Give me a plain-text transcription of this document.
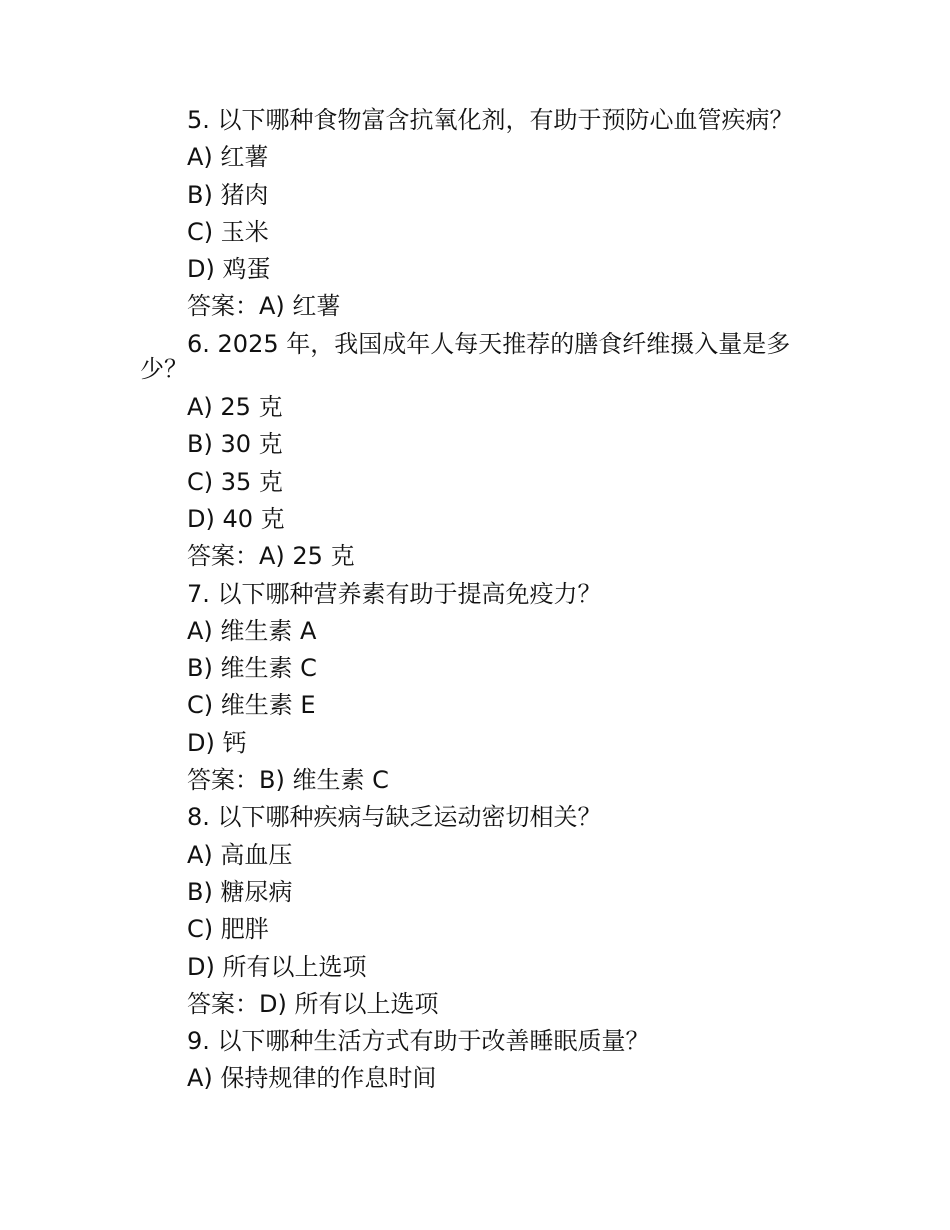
5. 以下哪种食物富含抗氧化剂，有助于预防心血管疾病？
A) 红薯
B) 猪肉
C) 玉米
D) 鸡蛋
答案：A) 红薯
6. 2025 年，我国成年人每天推荐的膳食纤维摄入量是多
少？
A) 25 克
B) 30 克
C) 35 克
D) 40 克
答案：A) 25 克
7. 以下哪种营养素有助于提高免疫力？
A) 维生素 A
B) 维生素 C
C) 维生素 E
D) 钙
答案：B) 维生素 C
8. 以下哪种疾病与缺乏运动密切相关？
A) 高血压
B) 糖尿病
C) 肥胖
D) 所有以上选项
答案：D) 所有以上选项
9. 以下哪种生活方式有助于改善睡眠质量？
A) 保持规律的作息时间
